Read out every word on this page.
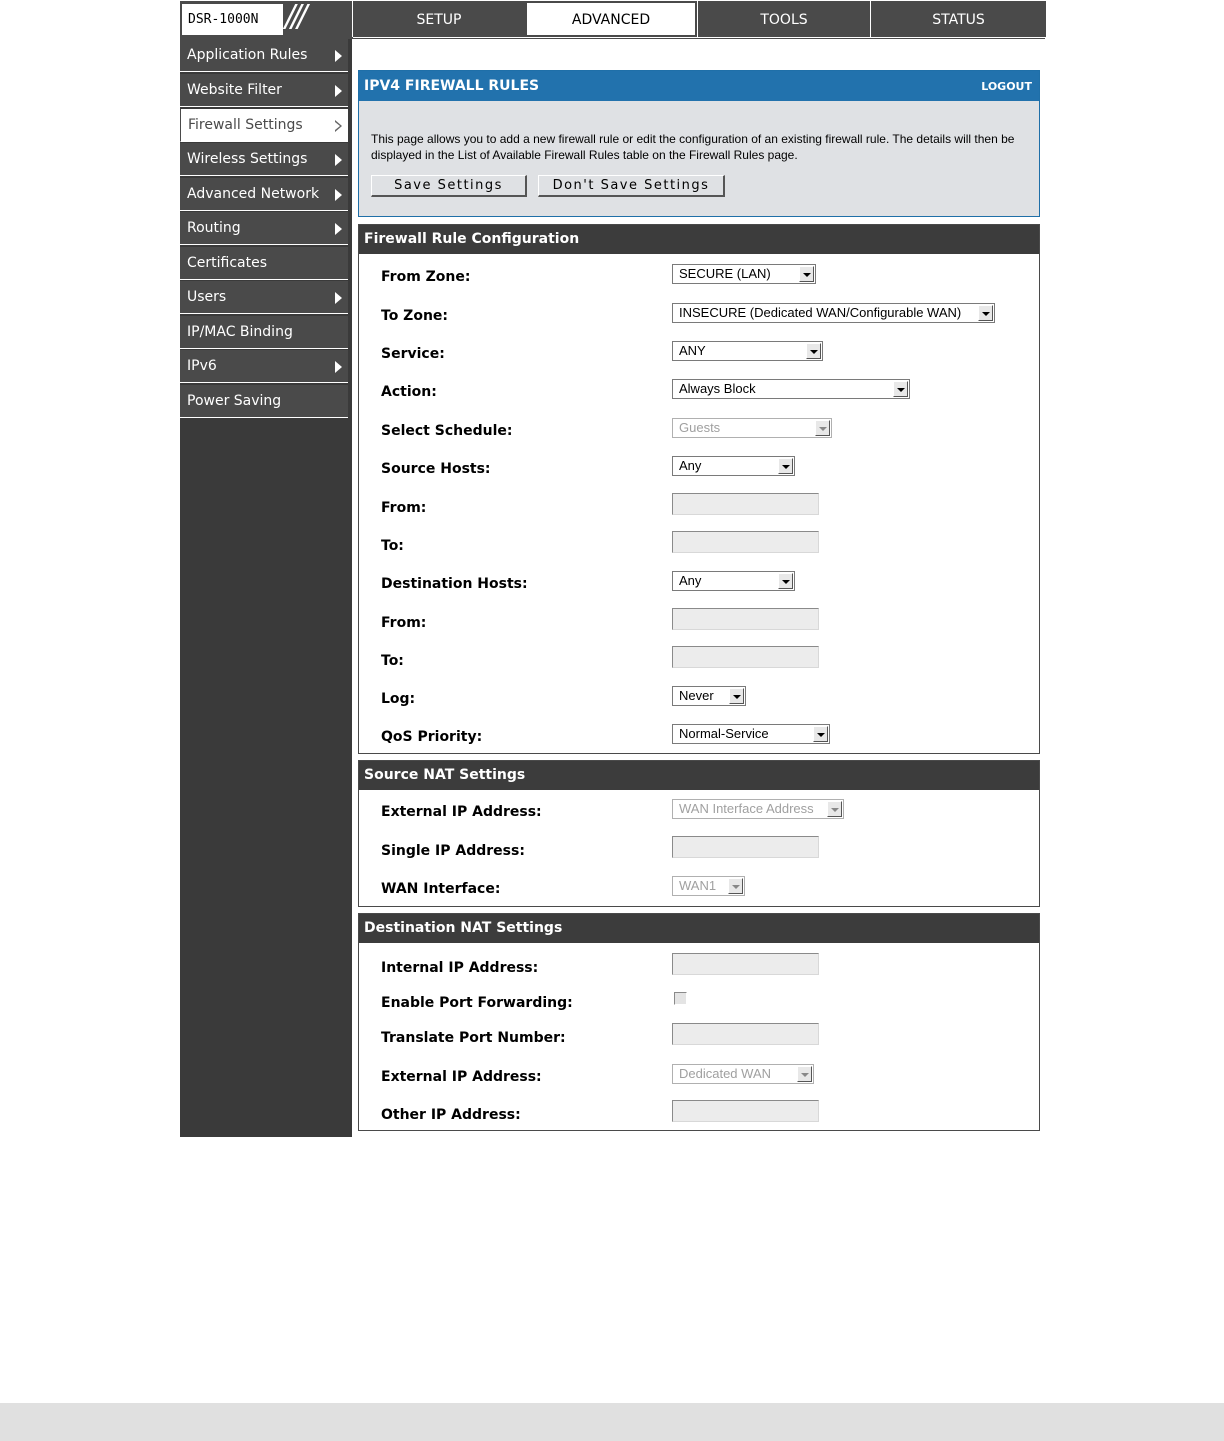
DSR-1000N ///	SETUP	ADVANCED	TOOLS	STATUS
Application Rules
Website Filter
Firewall Settings
Wireless Settings
Advanced Network
Routing
Certificates
Users
IP/MAC Binding
IPv6
Power Saving
IPV4 FIREWALL RULES	LOGOUT
This page allows you to add a new firewall rule or edit the configuration of an existing firewall rule. The details will then be displayed in the List of Available Firewall Rules table on the Firewall Rules page.
Save Settings	Don't Save Settings
Firewall Rule Configuration
From Zone:	SECURE (LAN)
To Zone:	INSECURE (Dedicated WAN/Configurable WAN)
Service:	ANY
Action:	Always Block
Select Schedule:	Guests
Source Hosts:	Any
From:
To:
Destination Hosts:	Any
From:
To:
Log:	Never
QoS Priority:	Normal-Service
Source NAT Settings
External IP Address:	WAN Interface Address
Single IP Address:
WAN Interface:	WAN1
Destination NAT Settings
Internal IP Address:
Enable Port Forwarding:
Translate Port Number:
External IP Address:	Dedicated WAN
Other IP Address:
